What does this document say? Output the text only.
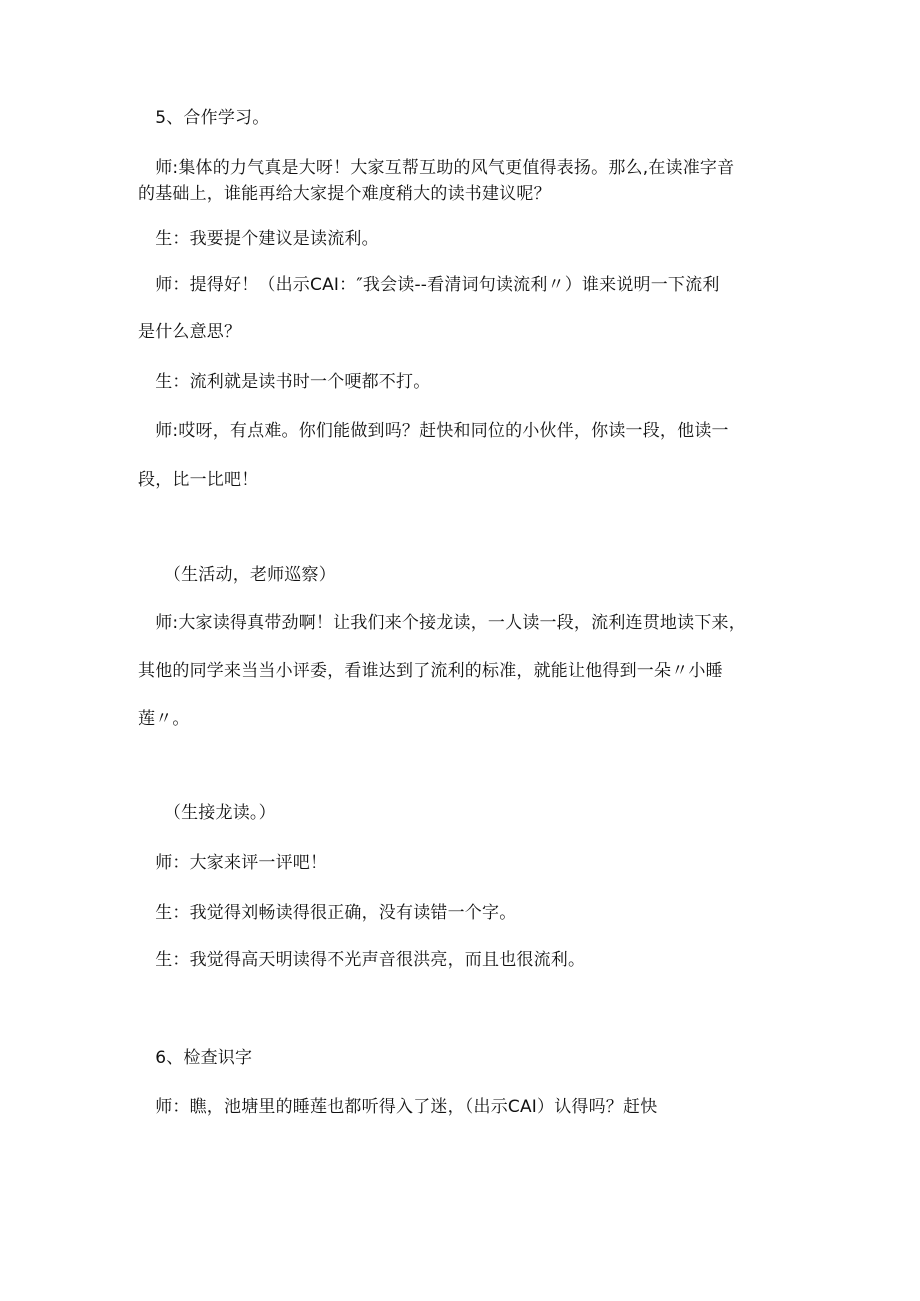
　5、合作学习。
　师:集体的力气真是大呀！大家互帮互助的风气更值得表扬。那么,在读准字音
的基础上，谁能再给大家提个难度稍大的读书建议呢？
　生：我要提个建议是读流利。
　师：提得好！（出示CAI：″我会读--看清词句读流利〃）谁来说明一下流利
是什么意思？
　生：流利就是读书时一个哽都不打。
　师:哎呀，有点难。你们能做到吗？赶快和同位的小伙伴，你读一段，他读一
段，比一比吧！
　　（生活动，老师巡察）
　师:大家读得真带劲啊！让我们来个接龙读，一人读一段，流利连贯地读下来，
其他的同学来当当小评委，看谁达到了流利的标准，就能让他得到一朵〃小睡
莲〃。
　　（生接龙读。）
　师：大家来评一评吧！
　生：我觉得刘畅读得很正确，没有读错一个字。
　生：我觉得高天明读得不光声音很洪亮，而且也很流利。
　6、检查识字
　师：瞧，池塘里的睡莲也都听得入了迷，（出示CAI）认得吗？赶快
